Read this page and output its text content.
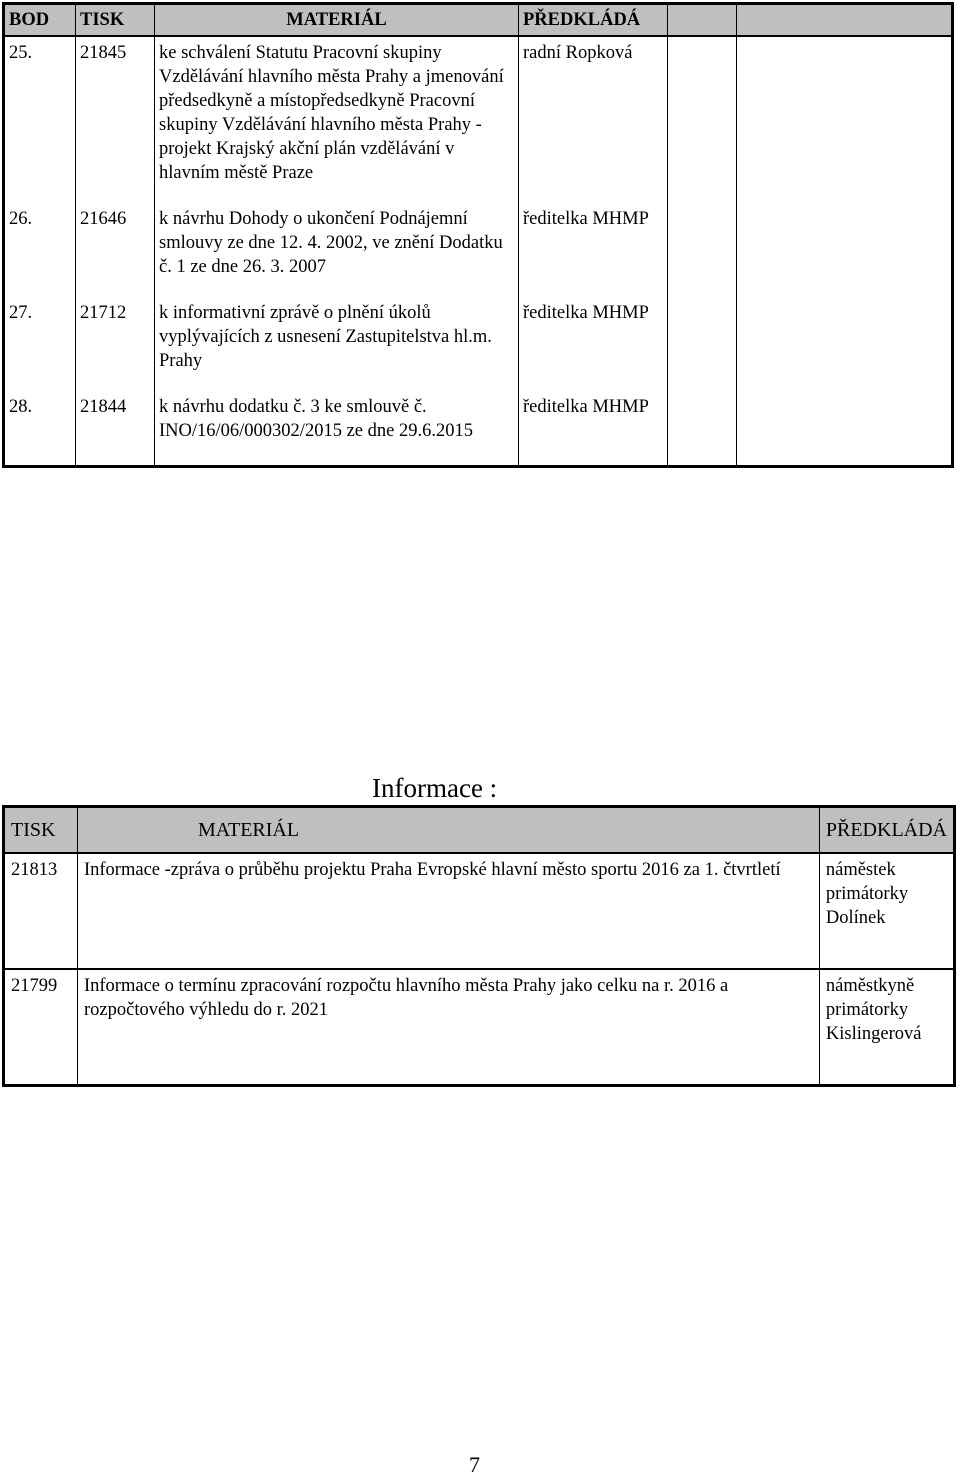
BOD	TISK	MATERIÁL	PŘEDKLÁDÁ		
25.	21845	ke schválení Statutu Pracovní skupiny Vzdělávání hlavního města Prahy a jmenování předsedkyně a místopředsedkyně Pracovní skupiny Vzdělávání hlavního města Prahy - projekt Krajský akční plán vzdělávání v hlavním městě Praze	radní Ropková		
26.	21646	k návrhu Dohody o ukončení Podnájemní smlouvy ze dne 12. 4. 2002, ve znění Dodatku č. 1 ze dne 26. 3. 2007	ředitelka MHMP		
27.	21712	k informativní zprávě o plnění úkolů vyplývajících z usnesení Zastupitelstva hl.m. Prahy	ředitelka MHMP		
28.	21844	k návrhu dodatku č. 3 ke smlouvě č. INO/16/06/000302/2015 ze dne 29.6.2015	ředitelka MHMP		
Informace :
TISK	MATERIÁL	PŘEDKLÁDÁ
21813	Informace -zpráva o průběhu projektu Praha Evropské hlavní město sportu 2016 za 1. čtvrtletí	náměstek primátorky Dolínek
21799	Informace o termínu zpracování rozpočtu hlavního města Prahy jako celku na r. 2016 a rozpočtového výhledu do r. 2021	náměstkyně primátorky Kislingerová
7
